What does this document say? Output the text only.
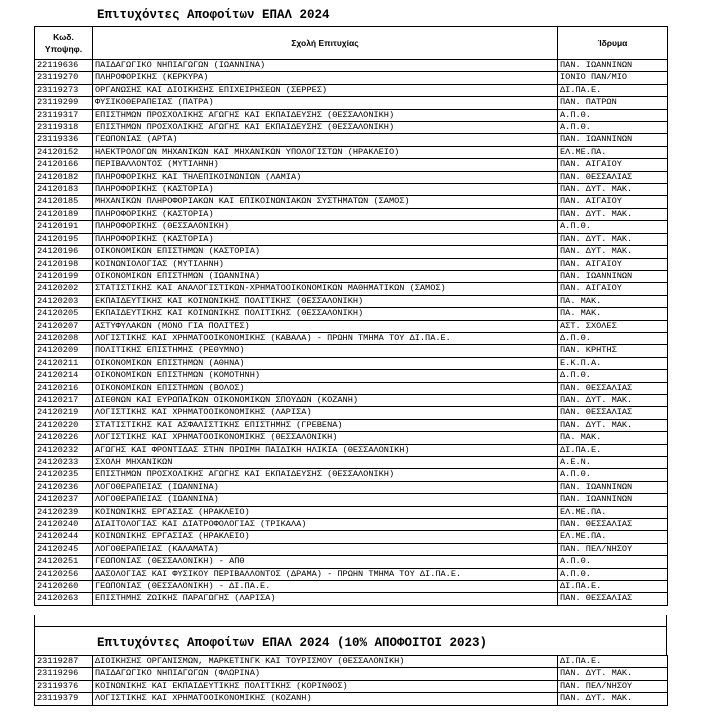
Επιτυχόντες Αποφοίτων ΕΠΑΛ 2024
Κωδ. Υποψηφ.	Σχολή Επιτυχίας	Ίδρυμα
22119636	ΠΑΙΔΑΓΩΓΙΚΟ ΝΗΠΙΑΓΩΓΩΝ (ΙΩΑΝΝΙΝΑ)	ΠΑΝ. ΙΩΑΝΝΙΝΩΝ
23119270	ΠΛΗΡΟΦΟΡΙΚΗΣ (ΚΕΡΚΥΡΑ)	ΙΟΝΙΟ ΠΑΝ/ΜΙΟ
23119273	ΟΡΓΑΝΩΣΗΣ ΚΑΙ ΔΙΟΙΚΗΣΗΣ ΕΠΙΧΕΙΡΗΣΕΩΝ (ΣΕΡΡΕΣ)	ΔΙ.ΠΑ.Ε.
23119299	ΦΥΣΙΚΟΘΕΡΑΠΕΙΑΣ (ΠΑΤΡΑ)	ΠΑΝ. ΠΑΤΡΩΝ
23119317	ΕΠΙΣΤΗΜΩΝ ΠΡΟΣΧΟΛΙΚΗΣ ΑΓΩΓΗΣ ΚΑΙ ΕΚΠΑΙΔΕΥΣΗΣ (ΘΕΣΣΑΛΟΝΙΚΗ)	Α.Π.Θ.
23119318	ΕΠΙΣΤΗΜΩΝ ΠΡΟΣΧΟΛΙΚΗΣ ΑΓΩΓΗΣ ΚΑΙ ΕΚΠΑΙΔΕΥΣΗΣ (ΘΕΣΣΑΛΟΝΙΚΗ)	Α.Π.Θ.
23119336	ΓΕΩΠΟΝΙΑΣ (ΑΡΤΑ)	ΠΑΝ. ΙΩΑΝΝΙΝΩΝ
24120152	ΗΛΕΚΤΡΟΛΟΓΩΝ ΜΗΧΑΝΙΚΩΝ ΚΑΙ ΜΗΧΑΝΙΚΩΝ ΥΠΟΛΟΓΙΣΤΩΝ (ΗΡΑΚΛΕΙΟ)	ΕΛ.ΜΕ.ΠΑ.
24120166	ΠΕΡΙΒΑΛΛΟΝΤΟΣ (ΜΥΤΙΛΗΝΗ)	ΠΑΝ. ΑΙΓΑΙΟΥ
24120182	ΠΛΗΡΟΦΟΡΙΚΗΣ ΚΑΙ ΤΗΛΕΠΙΚΟΙΝΩΝΙΩΝ (ΛΑΜΙΑ)	ΠΑΝ. ΘΕΣΣΑΛΙΑΣ
24120183	ΠΛΗΡΟΦΟΡΙΚΗΣ (ΚΑΣΤΟΡΙΑ)	ΠΑΝ. ΔΥΤ. ΜΑΚ.
24120185	ΜΗΧΑΝΙΚΩΝ ΠΛΗΡΟΦΟΡΙΑΚΩΝ ΚΑΙ ΕΠΙΚΟΙΝΩΝΙΑΚΩΝ ΣΥΣΤΗΜΑΤΩΝ (ΣΑΜΟΣ)	ΠΑΝ. ΑΙΓΑΙΟΥ
24120189	ΠΛΗΡΟΦΟΡΙΚΗΣ (ΚΑΣΤΟΡΙΑ)	ΠΑΝ. ΔΥΤ. ΜΑΚ.
24120191	ΠΛΗΡΟΦΟΡΙΚΗΣ (ΘΕΣΣΑΛΟΝΙΚΗ)	Α.Π.Θ.
24120195	ΠΛΗΡΟΦΟΡΙΚΗΣ (ΚΑΣΤΟΡΙΑ)	ΠΑΝ. ΔΥΤ. ΜΑΚ.
24120196	ΟΙΚΟΝΟΜΙΚΩΝ ΕΠΙΣΤΗΜΩΝ (ΚΑΣΤΟΡΙΑ)	ΠΑΝ. ΔΥΤ. ΜΑΚ.
24120198	ΚΟΙΝΩΝΙΟΛΟΓΙΑΣ (ΜΥΤΙΛΗΝΗ)	ΠΑΝ. ΑΙΓΑΙΟΥ
24120199	ΟΙΚΟΝΟΜΙΚΩΝ ΕΠΙΣΤΗΜΩΝ (ΙΩΑΝΝΙΝΑ)	ΠΑΝ. ΙΩΑΝΝΙΝΩΝ
24120202	ΣΤΑΤΙΣΤΙΚΗΣ ΚΑΙ ΑΝΑΛΟΓΙΣΤΙΚΩΝ-ΧΡΗΜΑΤΟΟΙΚΟΝΟΜΙΚΩΝ ΜΑΘΗΜΑΤΙΚΩΝ (ΣΑΜΟΣ)	ΠΑΝ. ΑΙΓΑΙΟΥ
24120203	ΕΚΠΑΙΔΕΥΤΙΚΗΣ ΚΑΙ ΚΟΙΝΩΝΙΚΗΣ ΠΟΛΙΤΙΚΗΣ (ΘΕΣΣΑΛΟΝΙΚΗ)	ΠΑ. ΜΑΚ.
24120205	ΕΚΠΑΙΔΕΥΤΙΚΗΣ ΚΑΙ ΚΟΙΝΩΝΙΚΗΣ ΠΟΛΙΤΙΚΗΣ (ΘΕΣΣΑΛΟΝΙΚΗ)	ΠΑ. ΜΑΚ.
24120207	ΑΣΤΥΦΥΛΑΚΩΝ (ΜΟΝΟ ΓΙΑ ΠΟΛΙΤΕΣ)	ΑΣΤ. ΣΧΟΛΕΣ
24120208	ΛΟΓΙΣΤΙΚΗΣ ΚΑΙ ΧΡΗΜΑΤΟΟΙΚΟΝΟΜΙΚΗΣ (ΚΑΒΑΛΑ) - ΠΡΩΗΝ ΤΜΗΜΑ ΤΟΥ ΔΙ.ΠΑ.Ε.	Δ.Π.Θ.
24120209	ΠΟΛΙΤΙΚΗΣ ΕΠΙΣΤΗΜΗΣ (ΡΕΘΥΜΝΟ)	ΠΑΝ. ΚΡΗΤΗΣ
24120211	ΟΙΚΟΝΟΜΙΚΩΝ ΕΠΙΣΤΗΜΩΝ (ΑΘΗΝΑ)	Ε.Κ.Π.Α.
24120214	ΟΙΚΟΝΟΜΙΚΩΝ ΕΠΙΣΤΗΜΩΝ (ΚΟΜΟΤΗΝΗ)	Δ.Π.Θ.
24120216	ΟΙΚΟΝΟΜΙΚΩΝ ΕΠΙΣΤΗΜΩΝ (ΒΟΛΟΣ)	ΠΑΝ. ΘΕΣΣΑΛΙΑΣ
24120217	ΔΙΕΘΝΩΝ ΚΑΙ ΕΥΡΩΠΑΪΚΩΝ ΟΙΚΟΝΟΜΙΚΩΝ ΣΠΟΥΔΩΝ (ΚΟΖΑΝΗ)	ΠΑΝ. ΔΥΤ. ΜΑΚ.
24120219	ΛΟΓΙΣΤΙΚΗΣ ΚΑΙ ΧΡΗΜΑΤΟΟΙΚΟΝΟΜΙΚΗΣ (ΛΑΡΙΣΑ)	ΠΑΝ. ΘΕΣΣΑΛΙΑΣ
24120220	ΣΤΑΤΙΣΤΙΚΗΣ ΚΑΙ ΑΣΦΑΛΙΣΤΙΚΗΣ ΕΠΙΣΤΗΜΗΣ (ΓΡΕΒΕΝΑ)	ΠΑΝ. ΔΥΤ. ΜΑΚ.
24120226	ΛΟΓΙΣΤΙΚΗΣ ΚΑΙ ΧΡΗΜΑΤΟΟΙΚΟΝΟΜΙΚΗΣ (ΘΕΣΣΑΛΟΝΙΚΗ)	ΠΑ. ΜΑΚ.
24120232	ΑΓΩΓΗΣ ΚΑΙ ΦΡΟΝΤΙΔΑΣ ΣΤΗΝ ΠΡΩΙΜΗ ΠΑΙΔΙΚΗ ΗΛΙΚΙΑ (ΘΕΣΣΑΛΟΝΙΚΗ)	ΔΙ.ΠΑ.Ε.
24120233	ΣΧΟΛΗ ΜΗΧΑΝΙΚΩΝ	Α.Ε.Ν.
24120235	ΕΠΙΣΤΗΜΩΝ ΠΡΟΣΧΟΛΙΚΗΣ ΑΓΩΓΗΣ ΚΑΙ ΕΚΠΑΙΔΕΥΣΗΣ (ΘΕΣΣΑΛΟΝΙΚΗ)	Α.Π.Θ.
24120236	ΛΟΓΟΘΕΡΑΠΕΙΑΣ (ΙΩΑΝΝΙΝΑ)	ΠΑΝ. ΙΩΑΝΝΙΝΩΝ
24120237	ΛΟΓΟΘΕΡΑΠΕΙΑΣ (ΙΩΑΝΝΙΝΑ)	ΠΑΝ. ΙΩΑΝΝΙΝΩΝ
24120239	ΚΟΙΝΩΝΙΚΗΣ ΕΡΓΑΣΙΑΣ (ΗΡΑΚΛΕΙΟ)	ΕΛ.ΜΕ.ΠΑ.
24120240	ΔΙΑΙΤΟΛΟΓΙΑΣ ΚΑΙ ΔΙΑΤΡΟΦΟΛΟΓΙΑΣ (ΤΡΙΚΑΛΑ)	ΠΑΝ. ΘΕΣΣΑΛΙΑΣ
24120244	ΚΟΙΝΩΝΙΚΗΣ ΕΡΓΑΣΙΑΣ (ΗΡΑΚΛΕΙΟ)	ΕΛ.ΜΕ.ΠΑ.
24120245	ΛΟΓΟΘΕΡΑΠΕΙΑΣ (ΚΑΛΑΜΑΤΑ)	ΠΑΝ. ΠΕΛ/ΝΗΣΟΥ
24120251	ΓΕΩΠΟΝΙΑΣ (ΘΕΣΣΑΛΟΝΙΚΗ) - ΑΠΘ	Α.Π.Θ.
24120256	ΔΑΣΟΛΟΓΙΑΣ ΚΑΙ ΦΥΣΙΚΟΥ ΠΕΡΙΒΑΛΛΟΝΤΟΣ (ΔΡΑΜΑ) - ΠΡΩΗΝ ΤΜΗΜΑ ΤΟΥ ΔΙ.ΠΑ.Ε.	Α.Π.Θ.
24120260	ΓΕΩΠΟΝΙΑΣ (ΘΕΣΣΑΛΟΝΙΚΗ) - ΔΙ.ΠΑ.Ε.	ΔΙ.ΠΑ.Ε.
24120263	ΕΠΙΣΤΗΜΗΣ ΖΩΙΚΗΣ ΠΑΡΑΓΩΓΗΣ (ΛΑΡΙΣΑ)	ΠΑΝ. ΘΕΣΣΑΛΙΑΣ
Επιτυχόντες Αποφοίτων ΕΠΑΛ 2024 (10% ΑΠΟΦΟΙΤΟΙ 2023)
23119287	ΔΙΟΙΚΗΣΗΣ ΟΡΓΑΝΙΣΜΩΝ, ΜΑΡΚΕΤΙΝΓΚ ΚΑΙ ΤΟΥΡΙΣΜΟΥ (ΘΕΣΣΑΛΟΝΙΚΗ)	ΔΙ.ΠΑ.Ε.
23119296	ΠΑΙΔΑΓΩΓΙΚΟ ΝΗΠΙΑΓΩΓΩΝ (ΦΛΩΡΙΝΑ)	ΠΑΝ. ΔΥΤ. ΜΑΚ.
23119376	ΚΟΙΝΩΝΙΚΗΣ ΚΑΙ ΕΚΠΑΙΔΕΥΤΙΚΗΣ ΠΟΛΙΤΙΚΗΣ (ΚΟΡΙΝΘΟΣ)	ΠΑΝ. ΠΕΛ/ΝΗΣΟΥ
23119379	ΛΟΓΙΣΤΙΚΗΣ ΚΑΙ ΧΡΗΜΑΤΟΟΙΚΟΝΟΜΙΚΗΣ (ΚΟΖΑΝΗ)	ΠΑΝ. ΔΥΤ. ΜΑΚ.
